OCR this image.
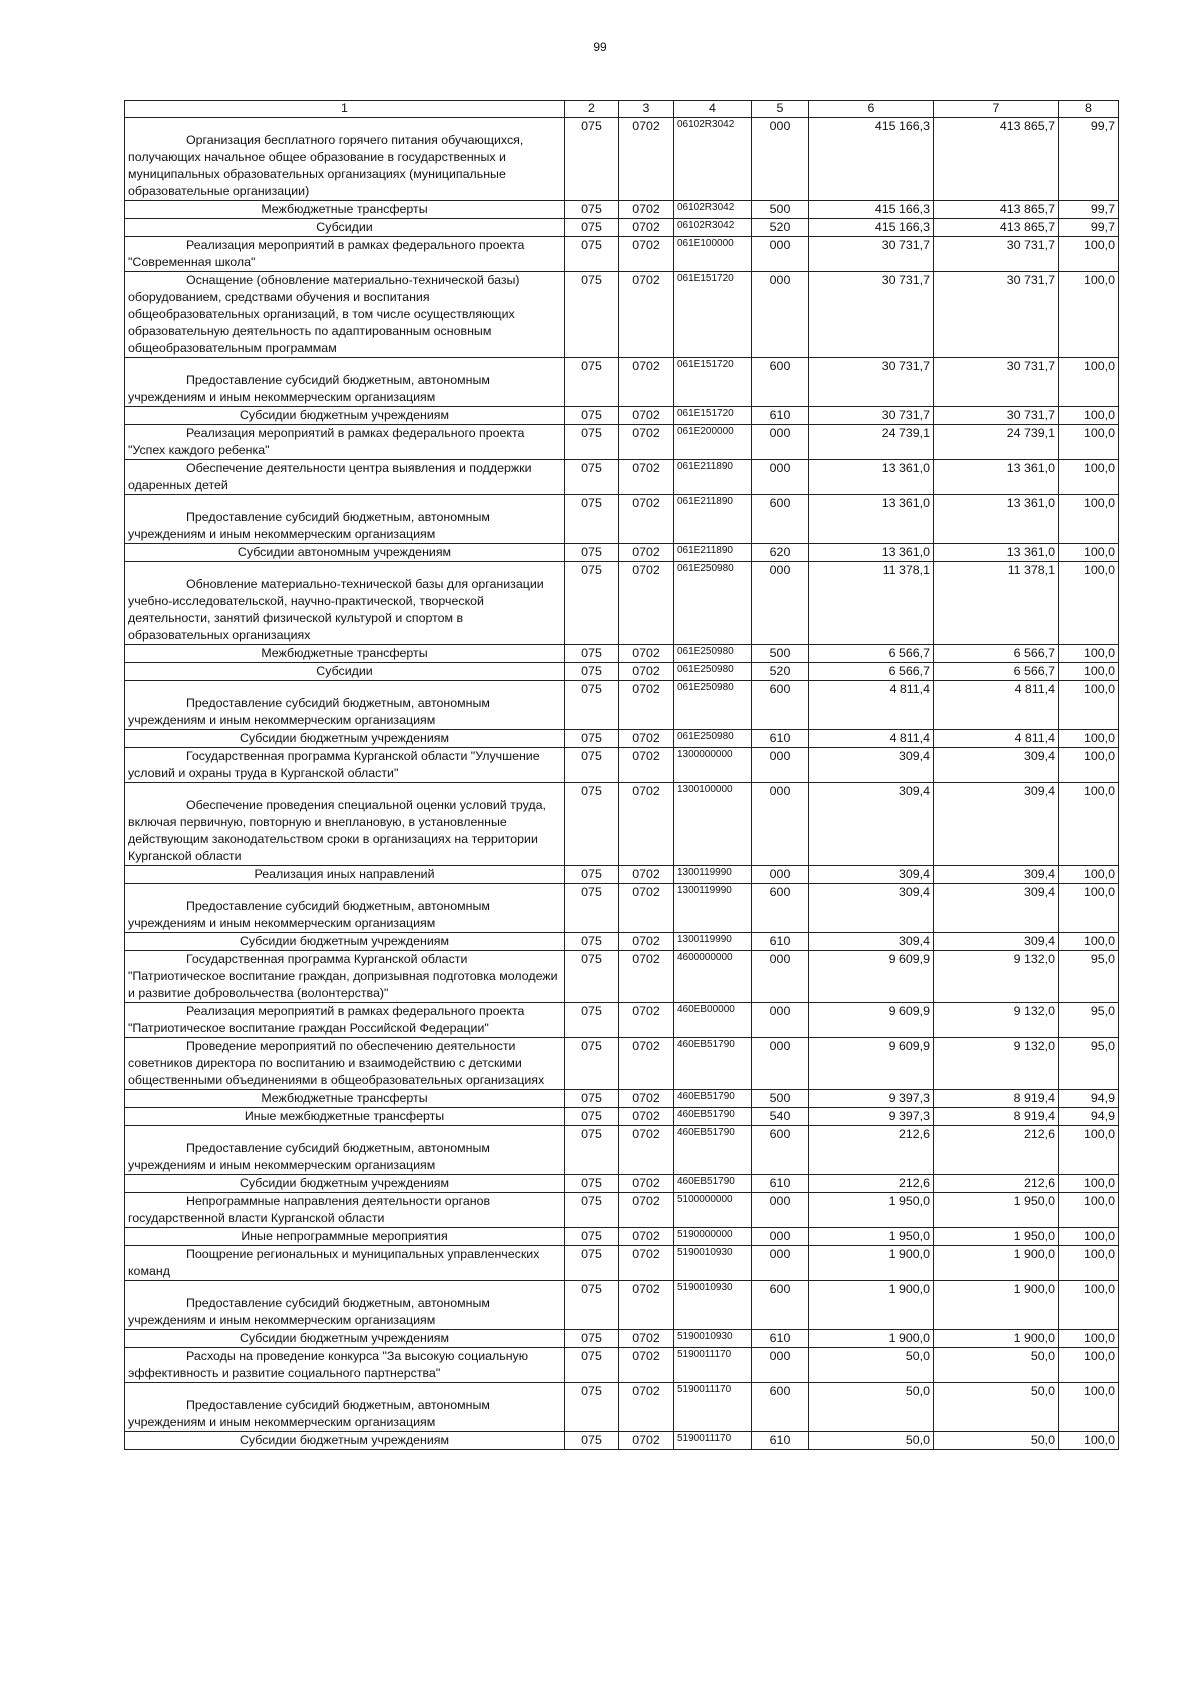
99
1	2	3	4	5	6	7	8

Организация бесплатного горячего питания обучающихся, получающих начальное общее образование в государственных и муниципальных образовательных организациях (муниципальные образовательные организации)	075	0702	06102R3042	000	415 166,3	413 865,7	99,7

Межбюджетные трансферты	075	0702	06102R3042	500	415 166,3	413 865,7	99,7

Субсидии	075	0702	06102R3042	520	415 166,3	413 865,7	99,7

Реализация мероприятий в рамках федерального проекта "Современная школа"	075	0702	061E100000	000	30 731,7	30 731,7	100,0

Оснащение (обновление материально-технической базы) оборудованием, средствами обучения и воспитания общеобразовательных организаций, в том числе осуществляющих образовательную деятельность по адаптированным основным общеобразовательным программам	075	0702	061E151720	000	30 731,7	30 731,7	100,0

Предоставление субсидий бюджетным, автономным учреждениям и иным некоммерческим организациям	075	0702	061E151720	600	30 731,7	30 731,7	100,0

Субсидии бюджетным учреждениям	075	0702	061E151720	610	30 731,7	30 731,7	100,0

Реализация мероприятий в рамках федерального проекта "Успех каждого ребенка"	075	0702	061E200000	000	24 739,1	24 739,1	100,0

Обеспечение деятельности центра выявления и поддержки одаренных детей	075	0702	061E211890	000	13 361,0	13 361,0	100,0

Предоставление субсидий бюджетным, автономным учреждениям и иным некоммерческим организациям	075	0702	061E211890	600	13 361,0	13 361,0	100,0

Субсидии автономным учреждениям	075	0702	061E211890	620	13 361,0	13 361,0	100,0

Обновление материально-технической базы для организации учебно-исследовательской, научно-практической, творческой деятельности, занятий физической культурой и спортом в образовательных организациях	075	0702	061E250980	000	11 378,1	11 378,1	100,0

Межбюджетные трансферты	075	0702	061E250980	500	6 566,7	6 566,7	100,0

Субсидии	075	0702	061E250980	520	6 566,7	6 566,7	100,0

Предоставление субсидий бюджетным, автономным учреждениям и иным некоммерческим организациям	075	0702	061E250980	600	4 811,4	4 811,4	100,0

Субсидии бюджетным учреждениям	075	0702	061E250980	610	4 811,4	4 811,4	100,0

Государственная программа Курганской области "Улучшение условий и охраны труда в Курганской области"	075	0702	1300000000	000	309,4	309,4	100,0

Обеспечение проведения специальной оценки условий труда, включая первичную, повторную и внеплановую, в установленные действующим законодательством сроки в организациях на территории Курганской области	075	0702	1300100000	000	309,4	309,4	100,0

Реализация иных направлений	075	0702	1300119990	000	309,4	309,4	100,0

Предоставление субсидий бюджетным, автономным учреждениям и иным некоммерческим организациям	075	0702	1300119990	600	309,4	309,4	100,0

Субсидии бюджетным учреждениям	075	0702	1300119990	610	309,4	309,4	100,0

Государственная программа Курганской области "Патриотическое воспитание граждан, допризывная подготовка молодежи и развитие добровольчества (волонтерства)"	075	0702	4600000000	000	9 609,9	9 132,0	95,0

Реализация мероприятий в рамках федерального проекта "Патриотическое воспитание граждан Российской Федерации"	075	0702	460EB00000	000	9 609,9	9 132,0	95,0

Проведение мероприятий по обеспечению деятельности советников директора по воспитанию и взаимодействию с детскими общественными объединениями в общеобразовательных организациях	075	0702	460EB51790	000	9 609,9	9 132,0	95,0

Межбюджетные трансферты	075	0702	460EB51790	500	9 397,3	8 919,4	94,9

Иные межбюджетные трансферты	075	0702	460EB51790	540	9 397,3	8 919,4	94,9

Предоставление субсидий бюджетным, автономным учреждениям и иным некоммерческим организациям	075	0702	460EB51790	600	212,6	212,6	100,0

Субсидии бюджетным учреждениям	075	0702	460EB51790	610	212,6	212,6	100,0

Непрограммные направления деятельности органов государственной власти Курганской области	075	0702	5100000000	000	1 950,0	1 950,0	100,0

Иные непрограммные мероприятия	075	0702	5190000000	000	1 950,0	1 950,0	100,0

Поощрение региональных и муниципальных управленческих команд	075	0702	5190010930	000	1 900,0	1 900,0	100,0

Предоставление субсидий бюджетным, автономным учреждениям и иным некоммерческим организациям	075	0702	5190010930	600	1 900,0	1 900,0	100,0

Субсидии бюджетным учреждениям	075	0702	5190010930	610	1 900,0	1 900,0	100,0

Расходы на проведение конкурса "За высокую социальную эффективность и развитие социального партнерства"	075	0702	5190011170	000	50,0	50,0	100,0

Предоставление субсидий бюджетным, автономным учреждениям и иным некоммерческим организациям	075	0702	5190011170	600	50,0	50,0	100,0

Субсидии бюджетным учреждениям	075	0702	5190011170	610	50,0	50,0	100,0
